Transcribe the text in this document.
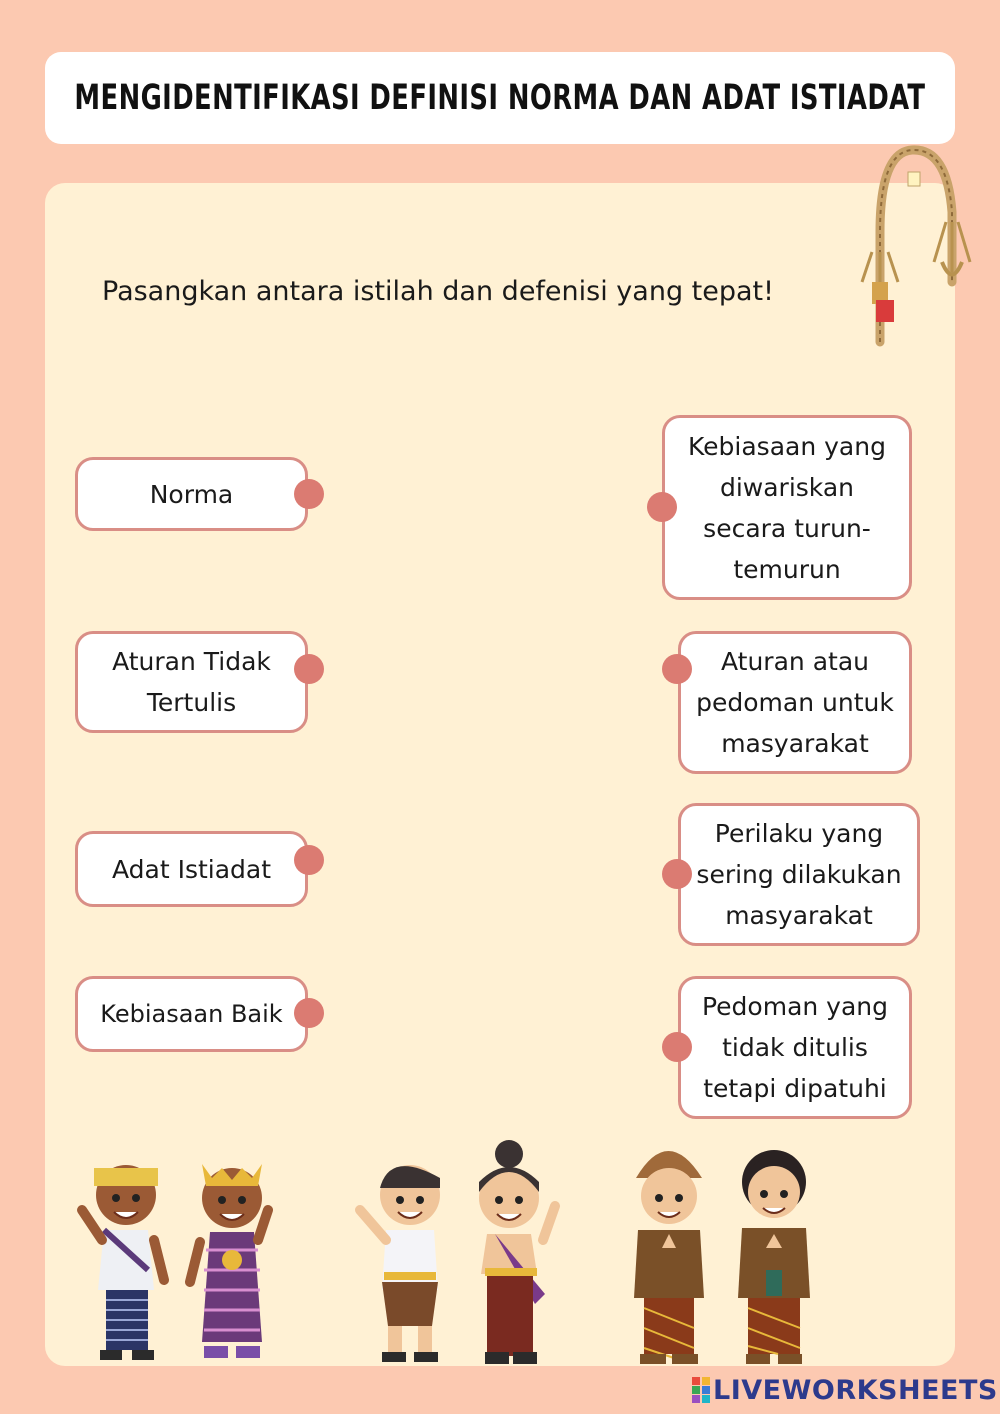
MENGIDENTIFIKASI DEFINISI NORMA DAN ADAT ISTIADAT
Pasangkan antara istilah dan defenisi yang tepat!
Norma
Aturan Tidak Tertulis
Adat Istiadat
Kebiasaan Baik
Kebiasaan yang diwariskan secara turun-temurun
Aturan atau pedoman untuk masyarakat
Perilaku yang sering dilakukan masyarakat
Pedoman yang tidak ditulis tetapi dipatuhi
LIVEWORKSHEETS
